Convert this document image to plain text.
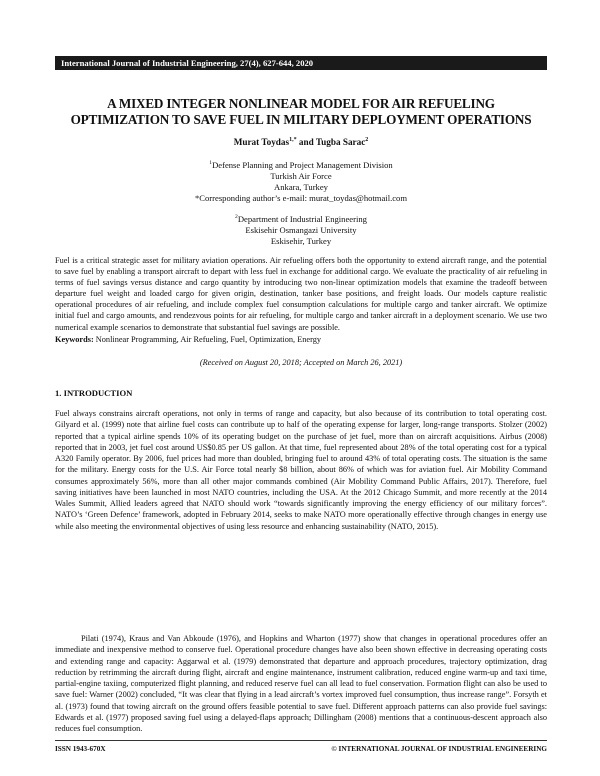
International Journal of Industrial Engineering, 27(4), 627-644, 2020
A MIXED INTEGER NONLINEAR MODEL FOR AIR REFUELING
OPTIMIZATION TO SAVE FUEL IN MILITARY DEPLOYMENT OPERATIONS
Murat Toydas$^{1,*}$ and Tugba Sarac$^2$
$^1$Defense Planning and Project Management Division
Turkish Air Force
Ankara, Turkey
*Corresponding author’s e-mail: murat_toydas@hotmail.com
$^2$Department of Industrial Engineering
Eskisehir Osmangazi University
Eskisehir, Turkey
Fuel is a critical strategic asset for military aviation operations. Air refueling offers both the opportunity to extend aircraft range, and the potential to save fuel by enabling a transport aircraft to depart with less fuel in exchange for additional cargo. We evaluate the practicality of air refueling in terms of fuel savings versus distance and cargo quantity by introducing two non-linear optimization models that examine the tradeoff between departure fuel weight and loaded cargo for given origin, destination, tanker base positions, and freight loads. Our models capture realistic operational procedures of air refueling, and include complex fuel consumption calculations for multiple cargo and tanker aircraft. We optimize initial fuel and cargo amounts, and rendezvous points for air refueling, for multiple cargo and tanker aircraft in a deployment scenario. We use two numerical example scenarios to demonstrate that substantial fuel savings are possible.
Keywords: Nonlinear Programming, Air Refueling, Fuel, Optimization, Energy
(Received on August 20, 2018; Accepted on March 26, 2021)
1. INTRODUCTION
Fuel always constrains aircraft operations, not only in terms of range and capacity, but also because of its contribution to total operating cost. Gilyard et al. (1999) note that airline fuel costs can contribute up to half of the operating expense for larger, long-range transports. Stolzer (2002) reported that a typical airline spends 10% of its operating budget on the purchase of jet fuel, more than on aircraft acquisitions. Airbus (2008) reported that in 2003, jet fuel cost around US$0.85 per US gallon. At that time, fuel represented about 28% of the total operating cost for a typical A320 Family operator. By 2006, fuel prices had more than doubled, bringing fuel to around 43% of total operating costs. The situation is the same for the military. Energy costs for the U.S. Air Force total nearly $8 billion, about 86% of which was for aviation fuel. Air Mobility Command consumes approximately 56%, more than all other major commands combined (Air Mobility Command Public Affairs, 2017). Therefore, fuel saving initiatives have been launched in most NATO countries, including the USA. At the 2012 Chicago Summit, and more recently at the 2014 Wales Summit, Allied leaders agreed that NATO should work “towards significantly improving the energy efficiency of our military forces”. NATO’s ‘Green Defence’ framework, adopted in February 2014, seeks to make NATO more operationally effective through changes in energy use while also meeting the environmental objectives of using less resource and enhancing sustainability (NATO, 2015).
Pilati (1974), Kraus and Van Abkoude (1976), and Hopkins and Wharton (1977) show that changes in operational procedures offer an immediate and inexpensive method to conserve fuel. Operational procedure changes have also been shown effective in decreasing operating costs and extending range and capacity: Aggarwal et al. (1979) demonstrated that departure and approach procedures, trajectory optimization, drag reduction by retrimming the aircraft during flight, aircraft and engine maintenance, instrument calibration, reduced engine warm-up and taxi time, partial-engine taxiing, computerized flight planning, and reduced reserve fuel can all lead to fuel conservation. Formation flight can also be used to save fuel: Warner (2002) concluded, “It was clear that flying in a lead aircraft’s vortex improved fuel consumption, thus increase range”. Forsyth et al. (1973) found that towing aircraft on the ground offers feasible potential to save fuel. Different approach patterns can also provide fuel savings: Edwards et al. (1977) proposed saving fuel using a delayed-flaps approach; Dillingham (2008) mentions that a continuous-descent approach also reduces fuel consumption.
ISSN 1943-670X	© INTERNATIONAL JOURNAL OF INDUSTRIAL ENGINEERING
